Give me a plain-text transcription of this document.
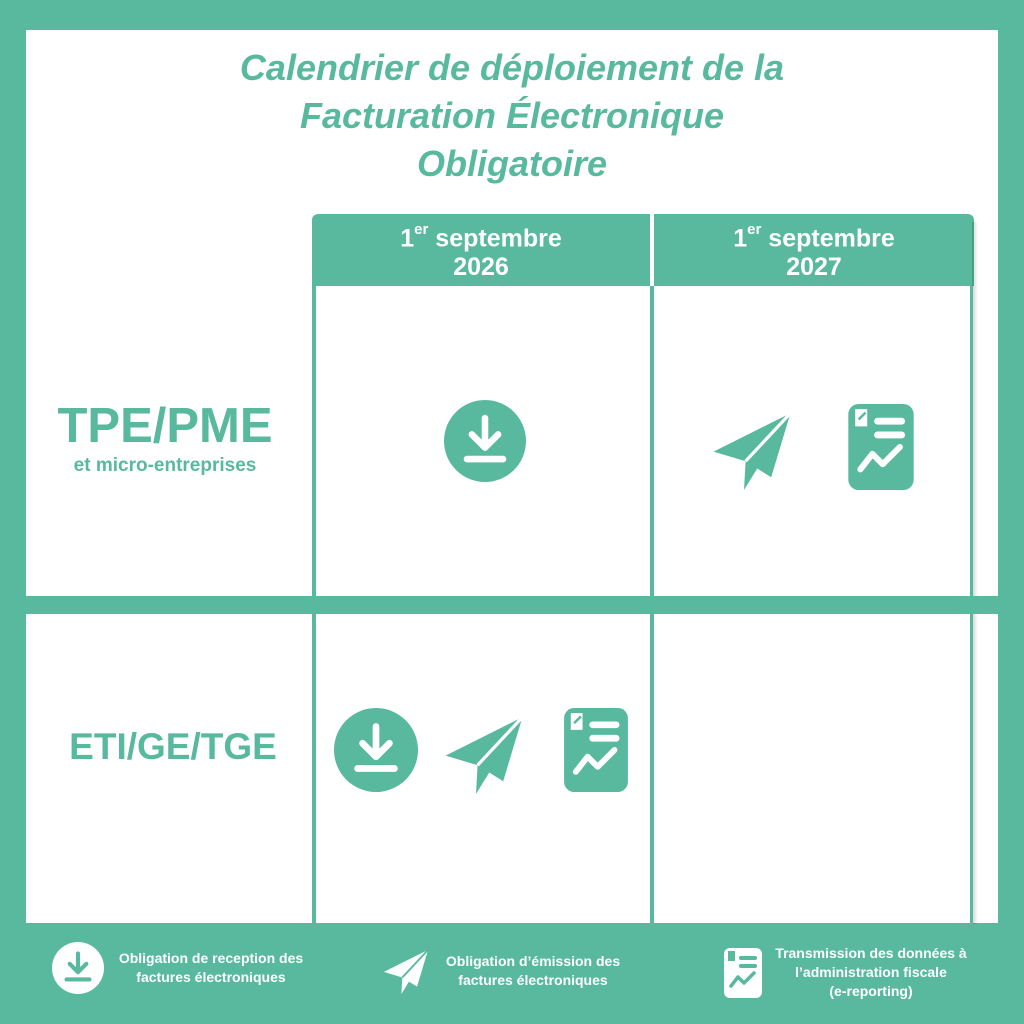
Calendrier de déploiement de la
Facturation Électronique
Obligatoire
1er septembre
2026
1er septembre
2027
TPE/PME
et micro-entreprises
ETI/GE/TGE
Obligation de reception des
factures électroniques
Obligation d’émission des
factures électroniques
Transmission des données à
l’administration fiscale
(e-reporting)
